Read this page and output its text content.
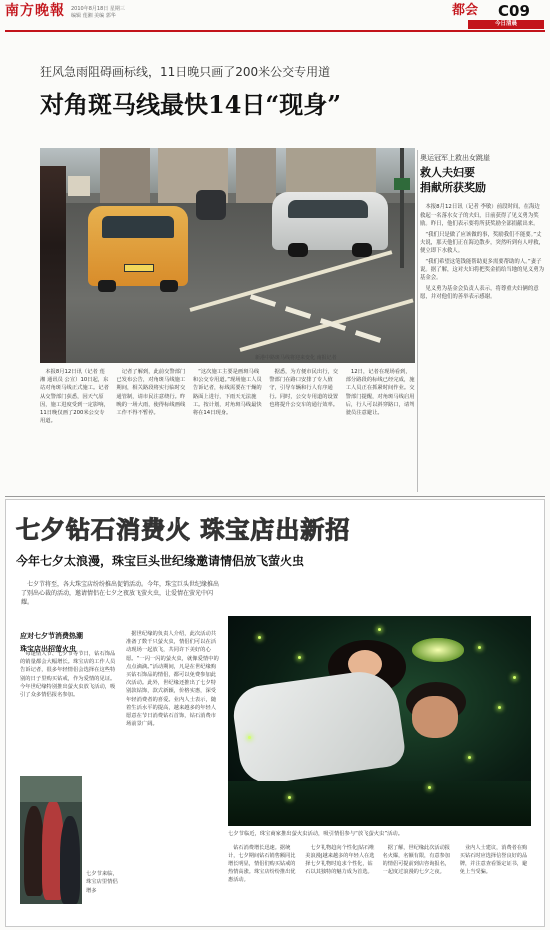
南方晚報 2010年8月18日 星期三
编辑 莲湘 美编 郭华	都会 C09
今日清晨
狂风急雨阻碍画标线，11日晚只画了200米公交专用道
对角斑马线最快14日“现身”
新港中路斑马线将迎来变化 南报记者
奥运冠军上救出女跳崖
救人夫妇要
捐献所获奖励

本报8月12日讯（记者 李敏）前段时间，在海边救起一名落水女子的夫妇，日前获得了见义勇为奖励。昨日，他们表示要将所获奖励全部捐献出来。

“我们只是做了应该做的事，奖励我们不能要。”丈夫说，那天他们正在海边散步，突然听到有人呼救，便立即下水救人。

“我们希望这笔钱能帮助更多需要帮助的人。”妻子说。据了解，这对夫妇将把奖金捐给当地的见义勇为基金会。

见义勇为基金会负责人表示，将尊重夫妇俩的意愿，并对他们的善举表示感谢。

本报8月12日讯（记者 莲湘 通讯员 公宣）10日起，东站对角斑马线正式施工。记者从交警部门获悉，因天气原因，施工进度受到一定影响，11日晚仅画了200米公交专用道。
记者了解到，此前交警部门已发布公告，对角斑马线施工期间，相关路段将实行临时交通管制，请市民注意绕行。昨晚的一场大雨，使得标线画线工作不得不暂停。
“这次施工主要是画斑马线和公交专用道。”现场施工人员告诉记者，标线需要在干燥的路面上进行，下雨天无法施工。按计划，对角斑马线最快将在14日现身。
据悉，为方便市民出行，交警部门在路口安排了专人值守，引导车辆和行人有序通行。同时，公交专用道的设置也将提升公交车的通行效率。
12日，记者在现场看到，部分路段的标线已经完成，施工人员正在抓紧时间作业。交警部门提醒，对角斑马线启用后，行人可以斜穿路口，请驾驶员注意避让。
七夕钻石消费火 珠宝店出新招
今年七夕太浪漫，珠宝巨头世纪缘邀请情侣放飞萤火虫
七夕节将至，各大珠宝店纷纷推出促销活动。今年，珠宝巨头世纪缘推出了别出心裁的活动，邀请情侣在七夕之夜放飞萤火虫，让爱情在萤光中闪耀。
应对七夕节消费热潮
珠宝店出招萤火虫
每逢情人节、七夕节等节日，钻石饰品的销量都会大幅增长。珠宝店的工作人员告诉记者，很多年轻情侣会选择在这些特别的日子里购买钻戒，作为爱情的见证。今年世纪缘特别推出萤火虫放飞活动，吸引了众多情侣报名参加。
据世纪缘的负责人介绍，此次活动共准备了数千只萤火虫，情侣们可以在活动现场一起放飞，共同许下美好的心愿。“一闪一闪的萤火虫，就像爱情中的点点滴滴。”活动期间，凡是在世纪缘购买钻石饰品的情侣，都可以免费参加此次活动。此外，世纪缘还推出了七夕特别款钻饰，款式新颖，价格实惠，深受年轻消费者的喜爱。业内人士表示，随着生活水平的提高，越来越多的年轻人愿意在节日消费钻石首饰，钻石消费市场前景广阔。
七夕节来临，珠宝店里情侣增多
七夕节临近，珠宝商家推出萤火虫活动，吸引情侣参与“放飞萤火虫”活动。
钻石消费增长迅速。据统计，七夕期间钻石销售额同比增长明显，情侣们购买钻戒的热情高涨。珠宝店纷纷推出优惠活动。
七夕礼物趋向个性化|钻石唯美浪漫|越来越多的年轻人在选择七夕礼物时追求个性化，钻石以其独特的魅力成为首选。
据了解，世纪缘此次活动报名火爆，名额有限，有意参加的情侣可提前到店咨询报名，一起度过浪漫的七夕之夜。
业内人士建议，消费者在购买钻石时应选择信誉良好的品牌，并注意查看鉴定证书，避免上当受骗。
